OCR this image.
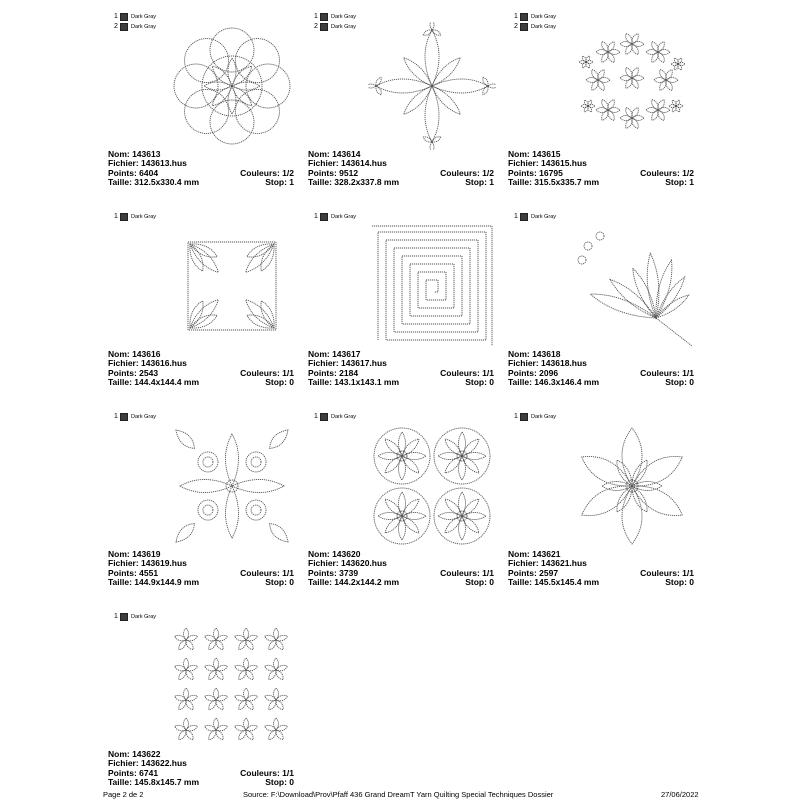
1	Dark Gray
2	Dark Gray
Nom: 143613
Fichier: 143613.hus
Points: 6404	Couleurs: 1/2
Taille: 312.5x330.4 mm	Stop: 1
1	Dark Gray
2	Dark Gray
Nom: 143614
Fichier: 143614.hus
Points: 9512	Couleurs: 1/2
Taille: 328.2x337.8 mm	Stop: 1
1	Dark Gray
2	Dark Gray
Nom: 143615
Fichier: 143615.hus
Points: 16795	Couleurs: 1/2
Taille: 315.5x335.7 mm	Stop: 1
1	Dark Gray
Nom: 143616
Fichier: 143616.hus
Points: 2543	Couleurs: 1/1
Taille: 144.4x144.4 mm	Stop: 0
1	Dark Gray
Nom: 143617
Fichier: 143617.hus
Points: 2184	Couleurs: 1/1
Taille: 143.1x143.1 mm	Stop: 0
1	Dark Gray
Nom: 143618
Fichier: 143618.hus
Points: 2096	Couleurs: 1/1
Taille: 146.3x146.4 mm	Stop: 0
1	Dark Gray
Nom: 143619
Fichier: 143619.hus
Points: 4551	Couleurs: 1/1
Taille: 144.9x144.9 mm	Stop: 0
1	Dark Gray
Nom: 143620
Fichier: 143620.hus
Points: 3739	Couleurs: 1/1
Taille: 144.2x144.2 mm	Stop: 0
1	Dark Gray
Nom: 143621
Fichier: 143621.hus
Points: 2597	Couleurs: 1/1
Taille: 145.5x145.4 mm	Stop: 0
1	Dark Gray
Nom: 143622
Fichier: 143622.hus
Points: 6741	Couleurs: 1/1
Taille: 145.8x145.7 mm	Stop: 0
Page 2 de 2	Source: F:\Download\Prov\Pfaff 436 Grand DreamT Yarn Quilting Special Techniques Dossier	27/06/2022
